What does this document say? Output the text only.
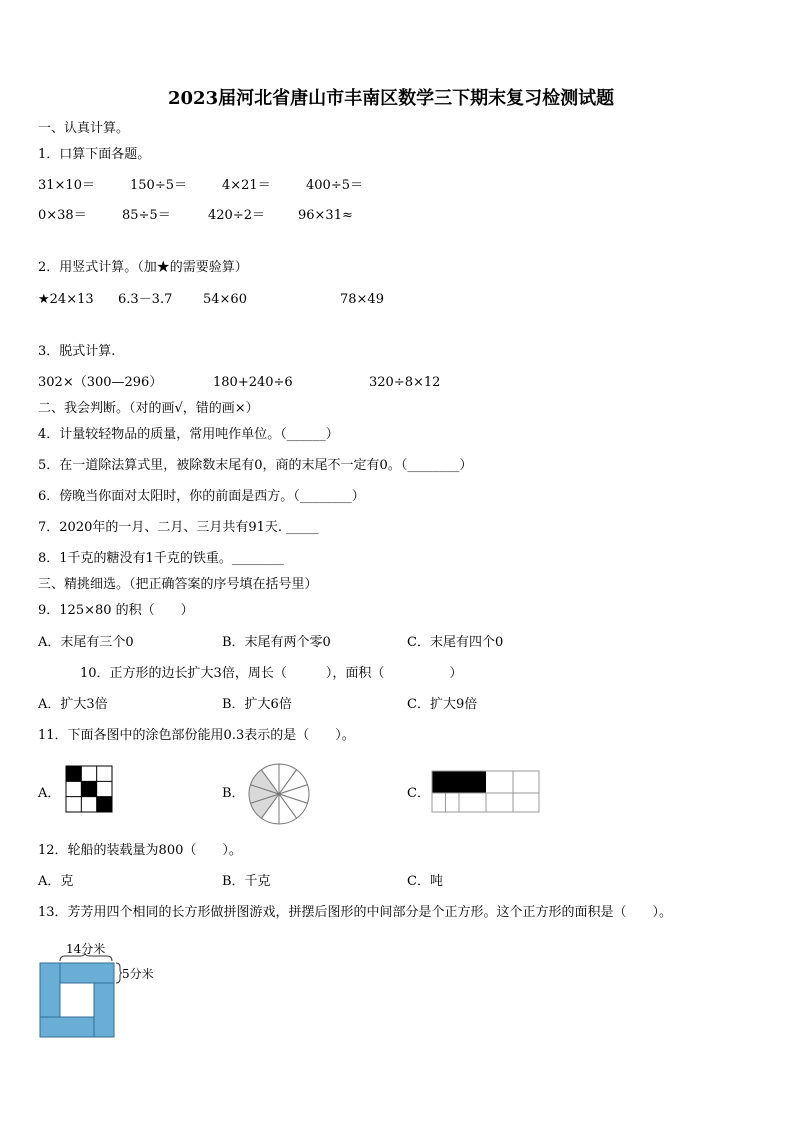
2023届河北省唐山市丰南区数学三下期末复习检测试题
一、认真计算。
1．口算下面各题。
31×10＝	150÷5＝	4×21＝	400÷5＝
0×38＝	85÷5＝	420÷2＝	96×31≈
2．用竖式计算。（加★的需要验算）
★24×13 6.3－3.7 54×60	78×49
3．脱式计算.
302×（300—296）	180+240÷6	320÷8×12
二、我会判断。（对的画√，错的画×）
4．计量较轻物品的质量，常用吨作单位。（______）
5．在一道除法算式里，被除数末尾有0，商的末尾不一定有0。（________）
6．傍晚当你面对太阳时，你的前面是西方。（________）
7．2020年的一月、二月、三月共有91天. _____
8．1千克的糖没有1千克的铁重。________
三、精挑细选。（把正确答案的序号填在括号里）
9．125×80 的积（　　）
A．末尾有三个0	B．末尾有两个零0	C．末尾有四个0
10．正方形的边长扩大3倍，周长（　　　），面积（　　　　　）
A．扩大3倍	B．扩大6倍	C．扩大9倍
11．下面各图中的涂色部份能用0.3表示的是（　　）。
A．	B．	C．
12．轮船的装载量为800（　　）。
A．克	B．千克	C．吨
13．芳芳用四个相同的长方形做拼图游戏，拼摆后图形的中间部分是个正方形。这个正方形的面积是（　　）。
14分米
5分米
